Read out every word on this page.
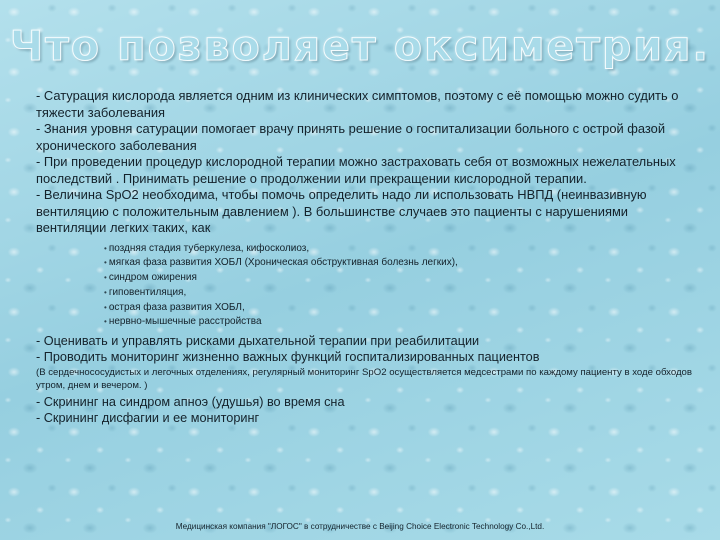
Что позволяет оксиметрия.

- Сатурация кислорода является одним из клинических симптомов, поэтому с её помощью можно судить о тяжести заболевания

- Знания уровня сатурации помогает врачу принять решение о госпитализации больного с острой фазой хронического заболевания

- При проведении процедур кислородной терапии можно застраховать себя от возможных нежелательных последствий . Принимать решение о продолжении или прекращении кислородной терапии.

- Величина SpO2 необходима, чтобы помочь определить надо ли использовать НВПД (неинвазивную вентиляцию с положительным давлением ). В большинстве случаев это пациенты с нарушениями вентиляции легких таких, как

• поздняя стадия туберкулеза, кифосколиоз,
• мягкая фаза развития ХОБЛ (Хроническая обструктивная болезнь легких),
• синдром ожирения
• гиповентиляция,
• острая фаза развития ХОБЛ,
• нервно-мышечные расстройства

- Оценивать и управлять рисками дыхательной терапии при реабилитации

- Проводить мониторинг жизненно важных функций госпитализированных пациентов

(В сердечнососудистых и легочных отделениях, регулярный мониторинг SpO2 осуществляется медсестрами по каждому пациенту в ходе обходов утром, днем и вечером. )

- Скрининг на синдром апноэ (удушья) во время сна

- Скрининг дисфагии и ее мониторинг

Медицинская компания "ЛОГОС" в сотрудничестве с Beijing Choice Electronic Technology Co.,Ltd.
